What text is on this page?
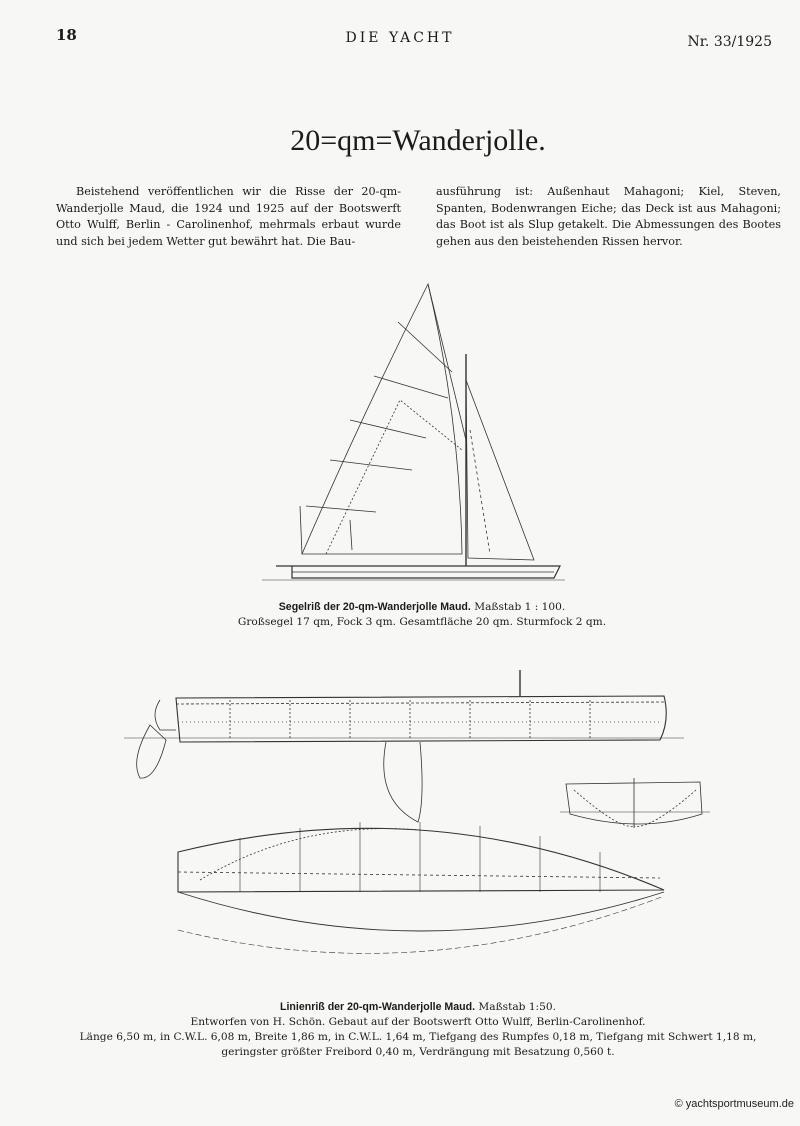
18	DIE YACHT	Nr. 33/1925
20=qm=Wanderjolle.
Beistehend veröffentlichen wir die Risse der 20-qm-Wanderjolle Maud, die 1924 und 1925 auf der Bootswerft Otto Wulff, Berlin - Carolinenhof, mehrmals erbaut wurde und sich bei jedem Wetter gut bewährt hat. Die Bau-
ausführung ist: Außenhaut Mahagoni; Kiel, Steven, Spanten, Bodenwrangen Eiche; das Deck ist aus Mahagoni; das Boot ist als Slup getakelt. Die Abmessungen des Bootes gehen aus den beistehenden Rissen hervor.
Segelriß der 20-qm-Wanderjolle Maud. Maßstab 1 : 100.
Großsegel 17 qm, Fock 3 qm. Gesamtfläche 20 qm. Sturmfock 2 qm.
Linienriß der 20-qm-Wanderjolle Maud. Maßstab 1:50.
Entworfen von H. Schön. Gebaut auf der Bootswerft Otto Wulff, Berlin-Carolinenhof.
Länge 6,50 m, in C.W.L. 6,08 m, Breite 1,86 m, in C.W.L. 1,64 m, Tiefgang des Rumpfes 0,18 m, Tiefgang mit Schwert 1,18 m,
geringster größter Freibord 0,40 m, Verdrängung mit Besatzung 0,560 t.
© yachtsportmuseum.de
